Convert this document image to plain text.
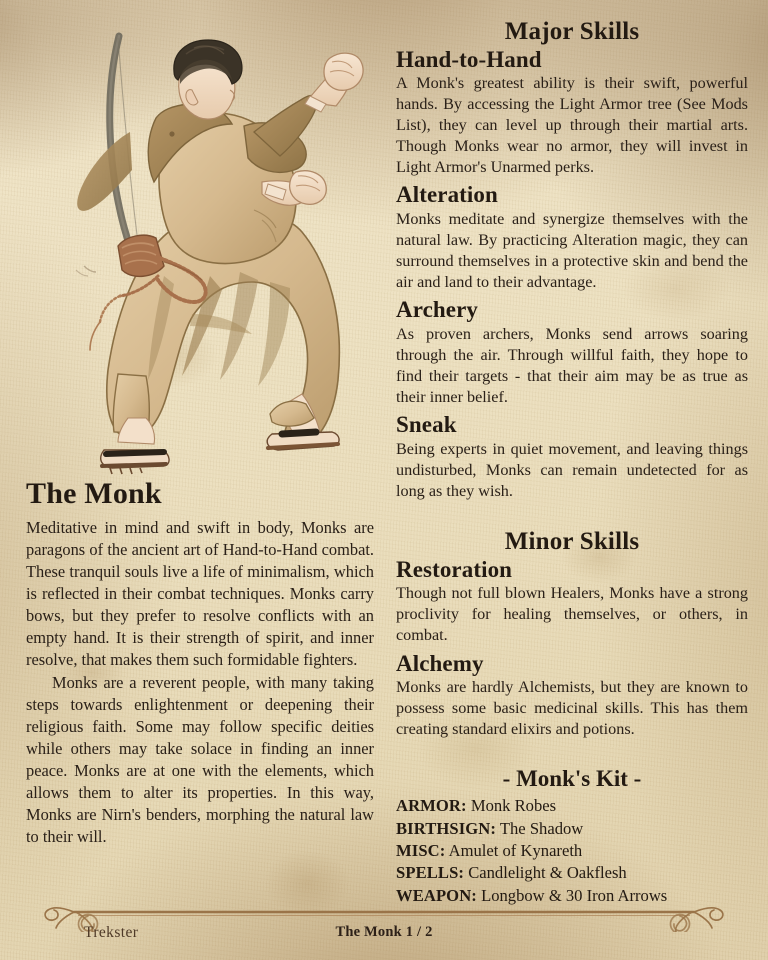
The Monk

Meditative in mind and swift in body, Monks are paragons of the ancient art of Hand-to-Hand combat. These tranquil souls live a life of minimalism, which is reflected in their combat techniques. Monks carry bows, but they prefer to resolve conflicts with an empty hand. It is their strength of spirit, and inner resolve, that makes them such formidable fighters.

Monks are a reverent people, with many taking steps towards enlightenment or deepening their religious faith. Some may follow specific deities while others may take solace in finding an inner peace. Monks are at one with the elements, which allows them to alter its properties. In this way, Monks are Nirn's benders, morphing the natural law to their will.

Major Skills
Hand-to-Hand

A Monk's greatest ability is their swift, powerful hands. By accessing the Light Armor tree (See Mods List), they can level up through their martial arts. Though Monks wear no armor, they will invest in Light Armor's Unarmed perks.

Alteration

Monks meditate and synergize themselves with the natural law. By practicing Alteration magic, they can surround themselves in a protective skin and bend the air and land to their advantage.

Archery

As proven archers, Monks send arrows soaring through the air. Through willful faith, they hope to find their targets - that their aim may be as true as their inner belief.

Sneak

Being experts in quiet movement, and leaving things undisturbed, Monks can remain undetected for as long as they wish.

Minor Skills
Restoration

Though not full blown Healers, Monks have a strong proclivity for healing themselves, or others, in combat.

Alchemy

Monks are hardly Alchemists, but they are known to possess some basic medicinal skills. This has them creating standard elixirs and potions.

- Monk's Kit -
ARMOR: Monk Robes
BIRTHSIGN: The Shadow
MISC: Amulet of Kynareth
SPELLS: Candlelight & Oakflesh
WEAPON: Longbow & 30 Iron Arrows
Trekster	The Monk 1 / 2
